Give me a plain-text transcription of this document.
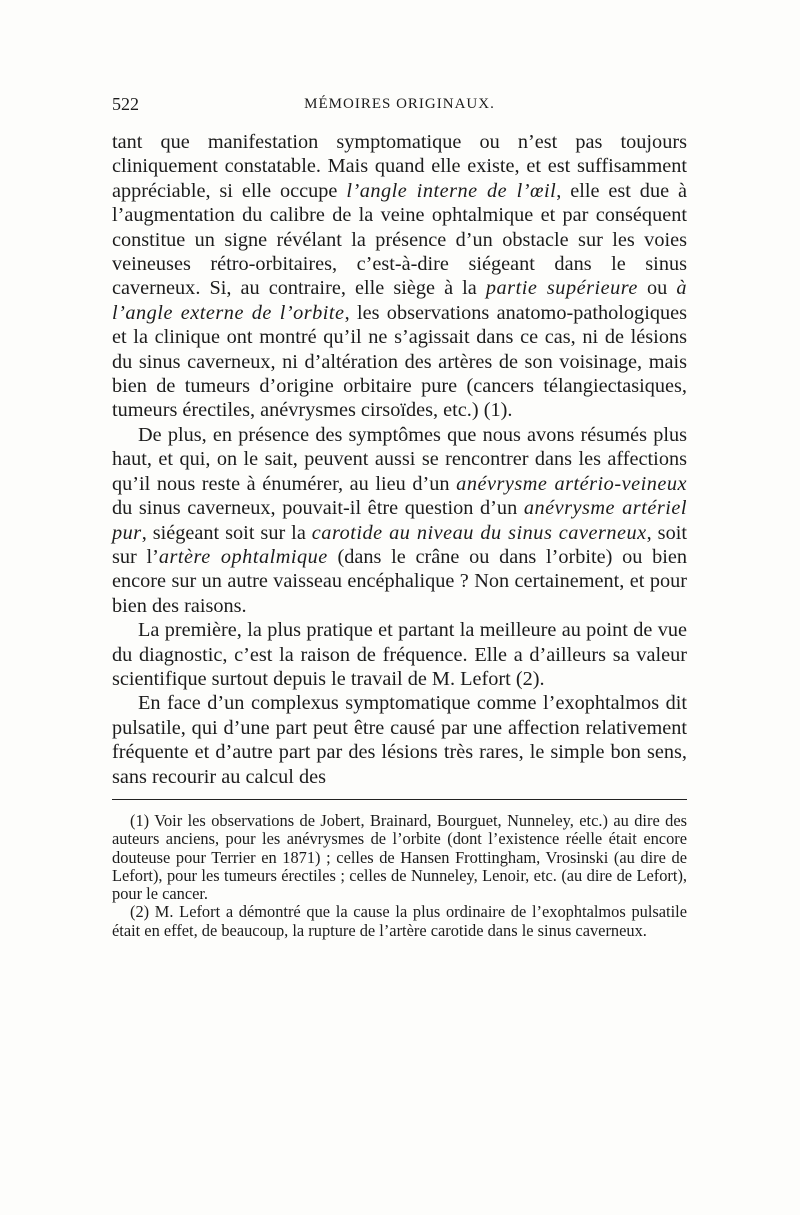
522	MÉMOIRES ORIGINAUX.

tant que manifestation symptomatique ou n’est pas toujours cliniquement constatable. Mais quand elle existe, et est suffisamment appréciable, si elle occupe l’angle interne de l’œil, elle est due à l’augmentation du calibre de la veine ophtalmique et par conséquent constitue un signe révélant la présence d’un obstacle sur les voies veineuses rétro-orbitaires, c’est-à-dire siégeant dans le sinus caverneux. Si, au contraire, elle siège à la partie supérieure ou à l’angle externe de l’orbite, les observations anatomo-pathologiques et la clinique ont montré qu’il ne s’agissait dans ce cas, ni de lésions du sinus caverneux, ni d’altération des artères de son voisinage, mais bien de tumeurs d’origine orbitaire pure (cancers télangiectasiques, tumeurs érectiles, anévrysmes cirsoïdes, etc.) (1).

De plus, en présence des symptômes que nous avons résumés plus haut, et qui, on le sait, peuvent aussi se rencontrer dans les affections qu’il nous reste à énumérer, au lieu d’un anévrysme artério-veineux du sinus caverneux, pouvait-il être question d’un anévrysme artériel pur, siégeant soit sur la carotide au niveau du sinus caverneux, soit sur l’artère ophtalmique (dans le crâne ou dans l’orbite) ou bien encore sur un autre vaisseau encéphalique ? Non certainement, et pour bien des raisons.

La première, la plus pratique et partant la meilleure au point de vue du diagnostic, c’est la raison de fréquence. Elle a d’ailleurs sa valeur scientifique surtout depuis le travail de M. Lefort (2).

En face d’un complexus symptomatique comme l’exophtalmos dit pulsatile, qui d’une part peut être causé par une affection relativement fréquente et d’autre part par des lésions très rares, le simple bon sens, sans recourir au calcul des

(1) Voir les observations de Jobert, Brainard, Bourguet, Nunneley, etc.) au dire des auteurs anciens, pour les anévrysmes de l’orbite (dont l’existence réelle était encore douteuse pour Terrier en 1871) ; celles de Hansen Frottingham, Vrosinski (au dire de Lefort), pour les tumeurs érectiles ; celles de Nunneley, Lenoir, etc. (au dire de Lefort), pour le cancer.

(2) M. Lefort a démontré que la cause la plus ordinaire de l’exophtalmos pulsatile était en effet, de beaucoup, la rupture de l’artère carotide dans le sinus caverneux.
